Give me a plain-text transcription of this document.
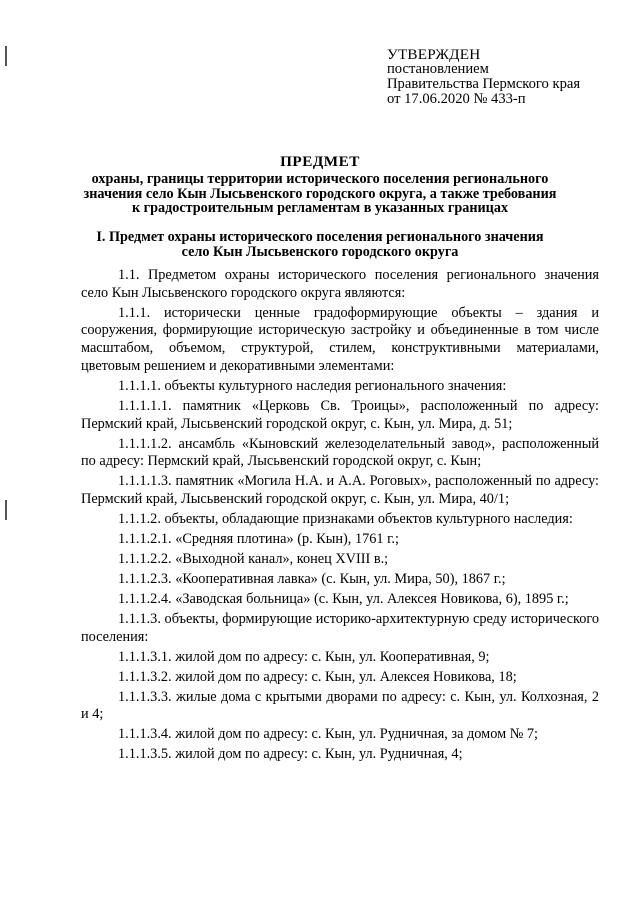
УТВЕРЖДЕН
постановлением
Правительства Пермского края
от 17.06.2020 № 433-п
ПРЕДМЕТ
охраны, границы территории исторического поселения регионального
значения село Кын Лысьвенского городского округа, а также требования
к градостроительным регламентам в указанных границах
I. Предмет охраны исторического поселения регионального значения
село Кын Лысьвенского городского округа

1.1. Предметом охраны исторического поселения регионального значения село Кын Лысьвенского городского округа являются:

1.1.1. исторически ценные градоформирующие объекты – здания и сооружения, формирующие историческую застройку и объединенные в том числе масштабом, объемом, структурой, стилем, конструктивными материалами, цветовым решением и декоративными элементами:

1.1.1.1. объекты культурного наследия регионального значения:

1.1.1.1.1. памятник «Церковь Св. Троицы», расположенный по адресу: Пермский край, Лысьвенский городской округ, с. Кын, ул. Мира, д. 51;

1.1.1.1.2. ансамбль «Кыновский железоделательный завод», расположенный по адресу: Пермский край, Лысьвенский городской округ, с. Кын;

1.1.1.1.3. памятник «Могила Н.А. и А.А. Роговых», расположенный по адресу: Пермский край, Лысьвенский городской округ, с. Кын, ул. Мира, 40/1;

1.1.1.2. объекты, обладающие признаками объектов культурного наследия:

1.1.1.2.1. «Средняя плотина» (р. Кын), 1761 г.;

1.1.1.2.2. «Выходной канал», конец XVIII в.;

1.1.1.2.3. «Кооперативная лавка» (с. Кын, ул. Мира, 50), 1867 г.;

1.1.1.2.4. «Заводская больница» (с. Кын, ул. Алексея Новикова, 6), 1895 г.;

1.1.1.3. объекты, формирующие историко-архитектурную среду исторического поселения:

1.1.1.3.1. жилой дом по адресу: с. Кын, ул. Кооперативная, 9;

1.1.1.3.2. жилой дом по адресу: с. Кын, ул. Алексея Новикова, 18;

1.1.1.3.3. жилые дома с крытыми дворами по адресу: с. Кын, ул. Колхозная, 2 и 4;

1.1.1.3.4. жилой дом по адресу: с. Кын, ул. Рудничная, за домом № 7;

1.1.1.3.5. жилой дом по адресу: с. Кын, ул. Рудничная, 4;
